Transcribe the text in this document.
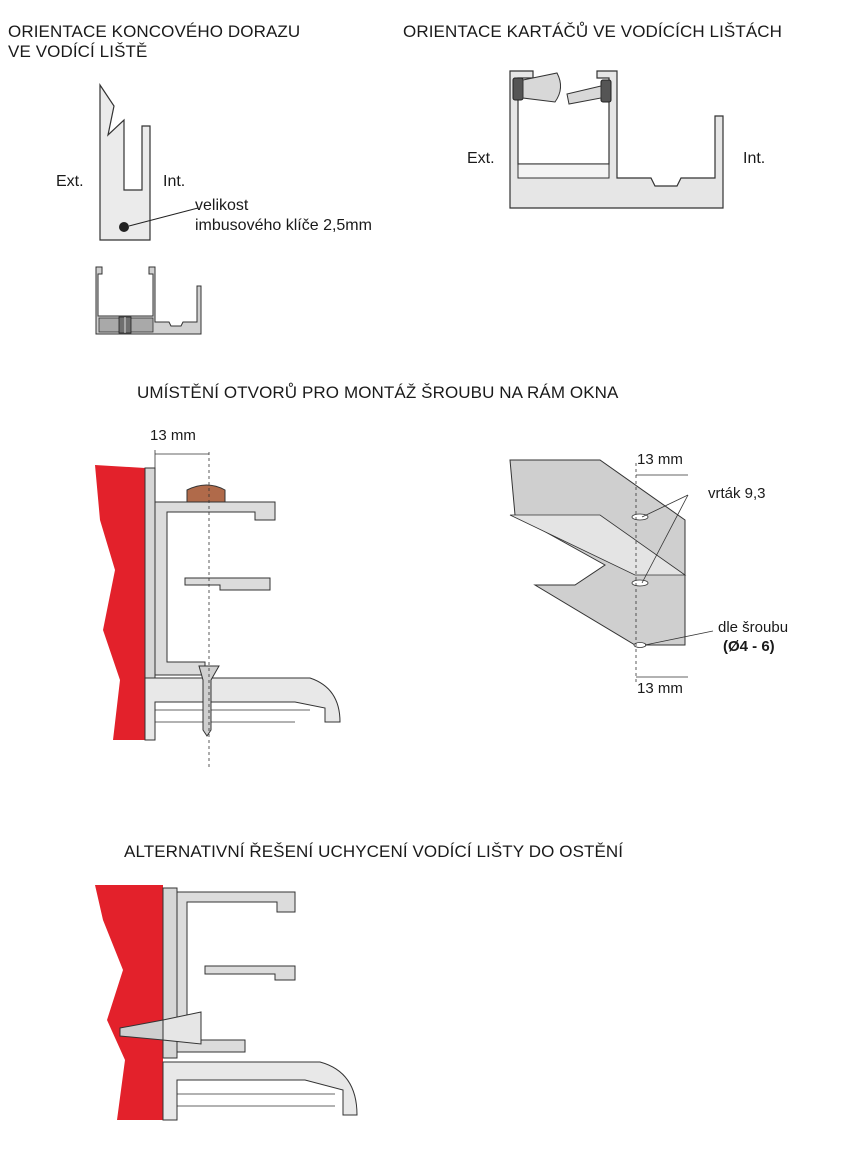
ORIENTACE KONCOVÉHO DORAZU
VE VODÍCÍ LIŠTĚ
Ext.	Int.
velikost
imbusového klíče 2,5mm
ORIENTACE KARTÁČŮ VE VODÍCÍCH LIŠTÁCH
Ext.	Int.
UMÍSTĚNÍ OTVORŮ PRO MONTÁŽ ŠROUBU NA RÁM OKNA
13 mm
13 mm
vrták 9,3
dle šroubu
(Ø4 - 6)
13 mm
ALTERNATIVNÍ ŘEŠENÍ UCHYCENÍ VODÍCÍ LIŠTY DO OSTĚNÍ
